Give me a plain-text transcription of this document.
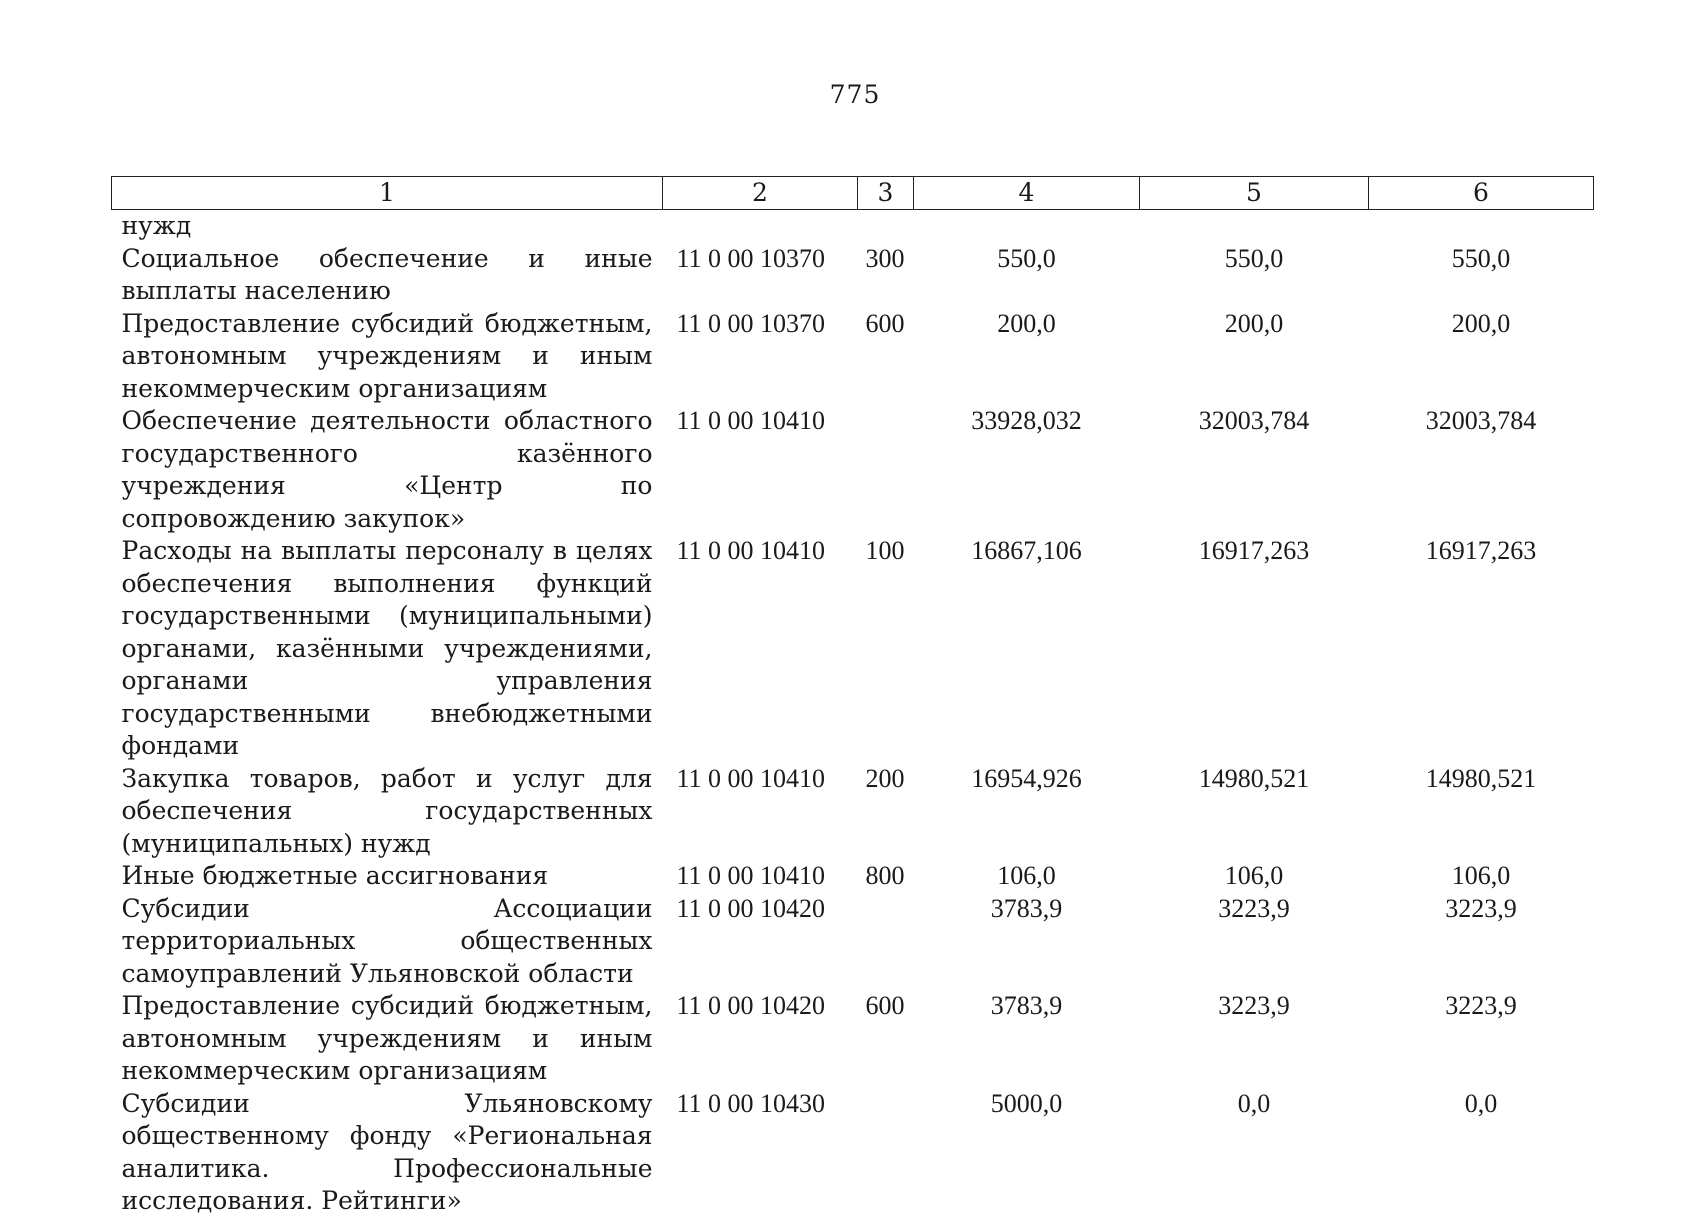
775
1	2	3	4	5	6
нужд					
Социальное обеспечение и иные выплаты населению	11 0 00 10370	300	550,0	550,0	550,0
Предоставление субсидий бюджетным, автономным учреждениям и иным некоммерческим организациям	11 0 00 10370	600	200,0	200,0	200,0
Обеспечение деятельности областного государственного казённого учреждения «Центр по сопровождению закупок»	11 0 00 10410		33928,032	32003,784	32003,784
Расходы на выплаты персоналу в целях обеспечения выполнения функций государственными (муниципальными) органами, казёнными учреждениями, органами управления государственными внебюджетными фондами	11 0 00 10410	100	16867,106	16917,263	16917,263
Закупка товаров, работ и услуг для обеспечения государственных (муниципальных) нужд	11 0 00 10410	200	16954,926	14980,521	14980,521
Иные бюджетные ассигнования	11 0 00 10410	800	106,0	106,0	106,0
Субсидии Ассоциации территориальных общественных самоуправлений Ульяновской области	11 0 00 10420		3783,9	3223,9	3223,9
Предоставление субсидий бюджетным, автономным учреждениям и иным некоммерческим организациям	11 0 00 10420	600	3783,9	3223,9	3223,9
Субсидии Ульяновскому общественному фонду «Региональная аналитика. Профессиональные исследования. Рейтинги»	11 0 00 10430		5000,0	0,0	0,0
